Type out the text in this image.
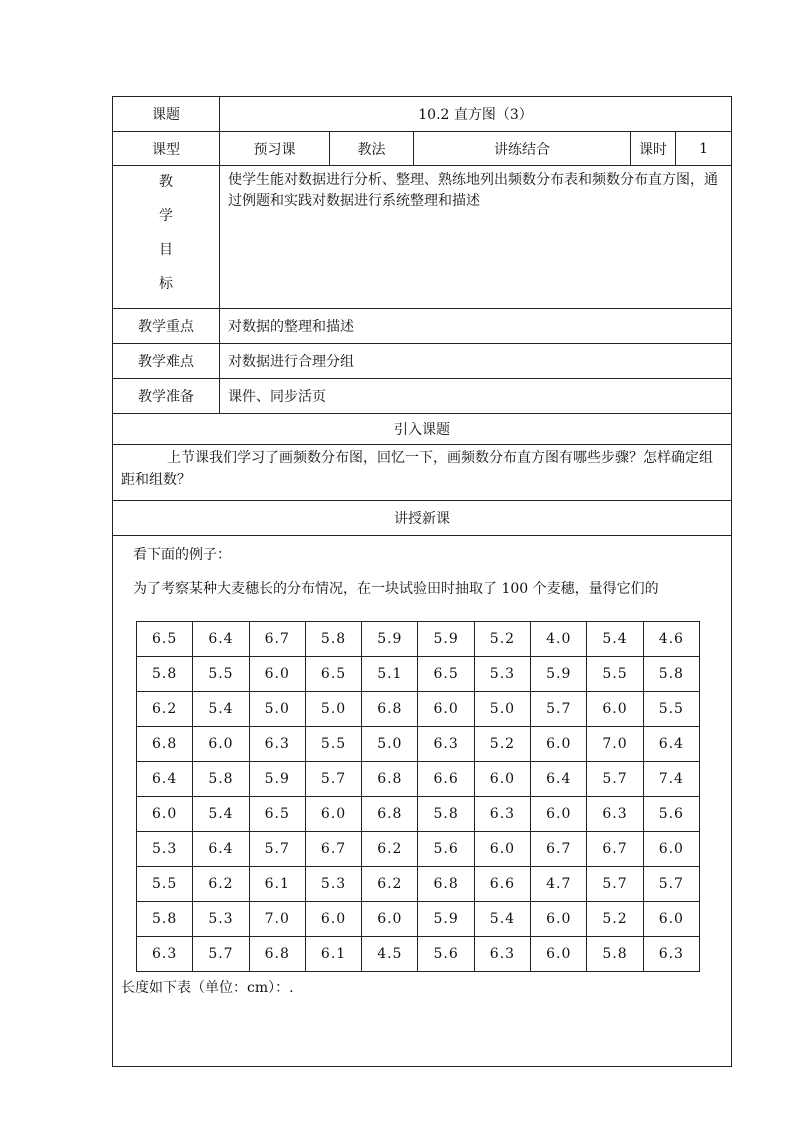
课题	10.2 直方图（3）
课型	预习课	教法	讲练结合	课时	1

教
学
目
标
	使学生能对数据进行分析、整理、熟练地列出频数分布表和频数分布直方图，通过例题和实践对数据进行系统整理和描述
教学重点	对数据的整理和描述
教学难点	对数据进行合理分组
教学准备	课件、同步活页
引入课题
上节课我们学习了画频数分布图，回忆一下，画频数分布直方图有哪些步骤？怎样确定组距和组数？
讲授新课

看下面的例子：
为了考察某种大麦穗长的分布情况，在一块试验田时抽取了 100 个麦穗，量得它们的
6.5	6.4	6.7	5.8	5.9	5.9	5.2	4.0	5.4	4.6
5.8	5.5	6.0	6.5	5.1	6.5	5.3	5.9	5.5	5.8
6.2	5.4	5.0	5.0	6.8	6.0	5.0	5.7	6.0	5.5
6.8	6.0	6.3	5.5	5.0	6.3	5.2	6.0	7.0	6.4
6.4	5.8	5.9	5.7	6.8	6.6	6.0	6.4	5.7	7.4
6.0	5.4	6.5	6.0	6.8	5.8	6.3	6.0	6.3	5.6
5.3	6.4	5.7	6.7	6.2	5.6	6.0	6.7	6.7	6.0
5.5	6.2	6.1	5.3	6.2	6.8	6.6	4.7	5.7	5.7
5.8	5.3	7.0	6.0	6.0	5.9	5.4	6.0	5.2	6.0
6.3	5.7	6.8	6.1	4.5	5.6	6.3	6.0	5.8	6.3
长度如下表（单位：cm）：.
